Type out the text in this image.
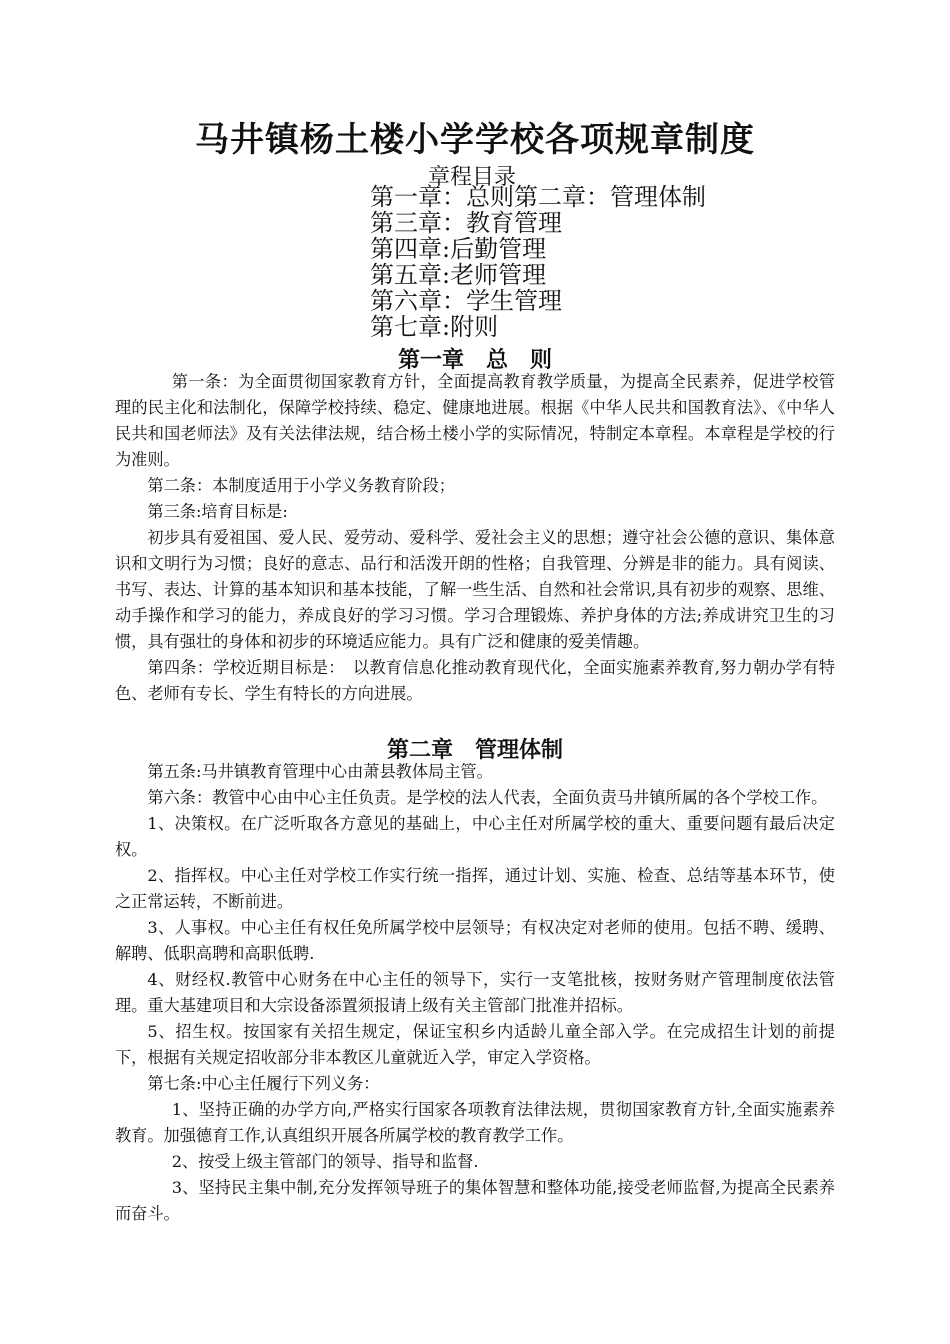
马井镇杨土楼小学学校各项规章制度
章程目录
第一章：总则第二章：管理体制
第三章：教育管理
第四章:后勤管理
第五章:老师管理
第六章：学生管理
第七章:附则
第一章　总　则

第一条：为全面贯彻国家教育方针，全面提高教育教学质量，为提高全民素养，促进学校管理的民主化和法制化，保障学校持续、稳定、健康地进展。根据《中华人民共和国教育法》、《中华人民共和国老师法》及有关法律法规，结合杨土楼小学的实际情况，特制定本章程。本章程是学校的行为准则。

第二条：本制度适用于小学义务教育阶段；

第三条:培育目标是:

初步具有爱祖国、爱人民、爱劳动、爱科学、爱社会主义的思想；遵守社会公德的意识、集体意识和文明行为习惯；良好的意志、品行和活泼开朗的性格；自我管理、分辨是非的能力。具有阅读、书写、表达、计算的基本知识和基本技能，了解一些生活、自然和社会常识,具有初步的观察、思维、动手操作和学习的能力，养成良好的学习习惯。学习合理锻炼、养护身体的方法;养成讲究卫生的习惯，具有强壮的身体和初步的环境适应能力。具有广泛和健康的爱美情趣。

第四条：学校近期目标是：　以教育信息化推动教育现代化，全面实施素养教育,努力朝办学有特色、老师有专长、学生有特长的方向进展。

第二章　管理体制

第五条:马井镇教育管理中心由萧县教体局主管。

第六条：教管中心由中心主任负责。是学校的法人代表，全面负责马井镇所属的各个学校工作。

1、决策权。在广泛听取各方意见的基础上，中心主任对所属学校的重大、重要问题有最后决定权。

2、指挥权。中心主任对学校工作实行统一指挥，通过计划、实施、检查、总结等基本环节，使之正常运转，不断前进。

3、人事权。中心主任有权任免所属学校中层领导；有权决定对老师的使用。包括不聘、缓聘、解聘、低职高聘和高职低聘.

4、财经权.教管中心财务在中心主任的领导下，实行一支笔批核，按财务财产管理制度依法管理。重大基建项目和大宗设备添置须报请上级有关主管部门批准并招标。

5、招生权。按国家有关招生规定，保证宝积乡内适龄儿童全部入学。在完成招生计划的前提下，根据有关规定招收部分非本教区儿童就近入学，审定入学资格。

第七条:中心主任履行下列义务：

1、坚持正确的办学方向,严格实行国家各项教育法律法规，贯彻国家教育方针,全面实施素养教育。加强德育工作,认真组织开展各所属学校的教育教学工作。

2、按受上级主管部门的领导、指导和监督.

3、坚持民主集中制,充分发挥领导班子的集体智慧和整体功能,接受老师监督,为提高全民素养而奋斗。
